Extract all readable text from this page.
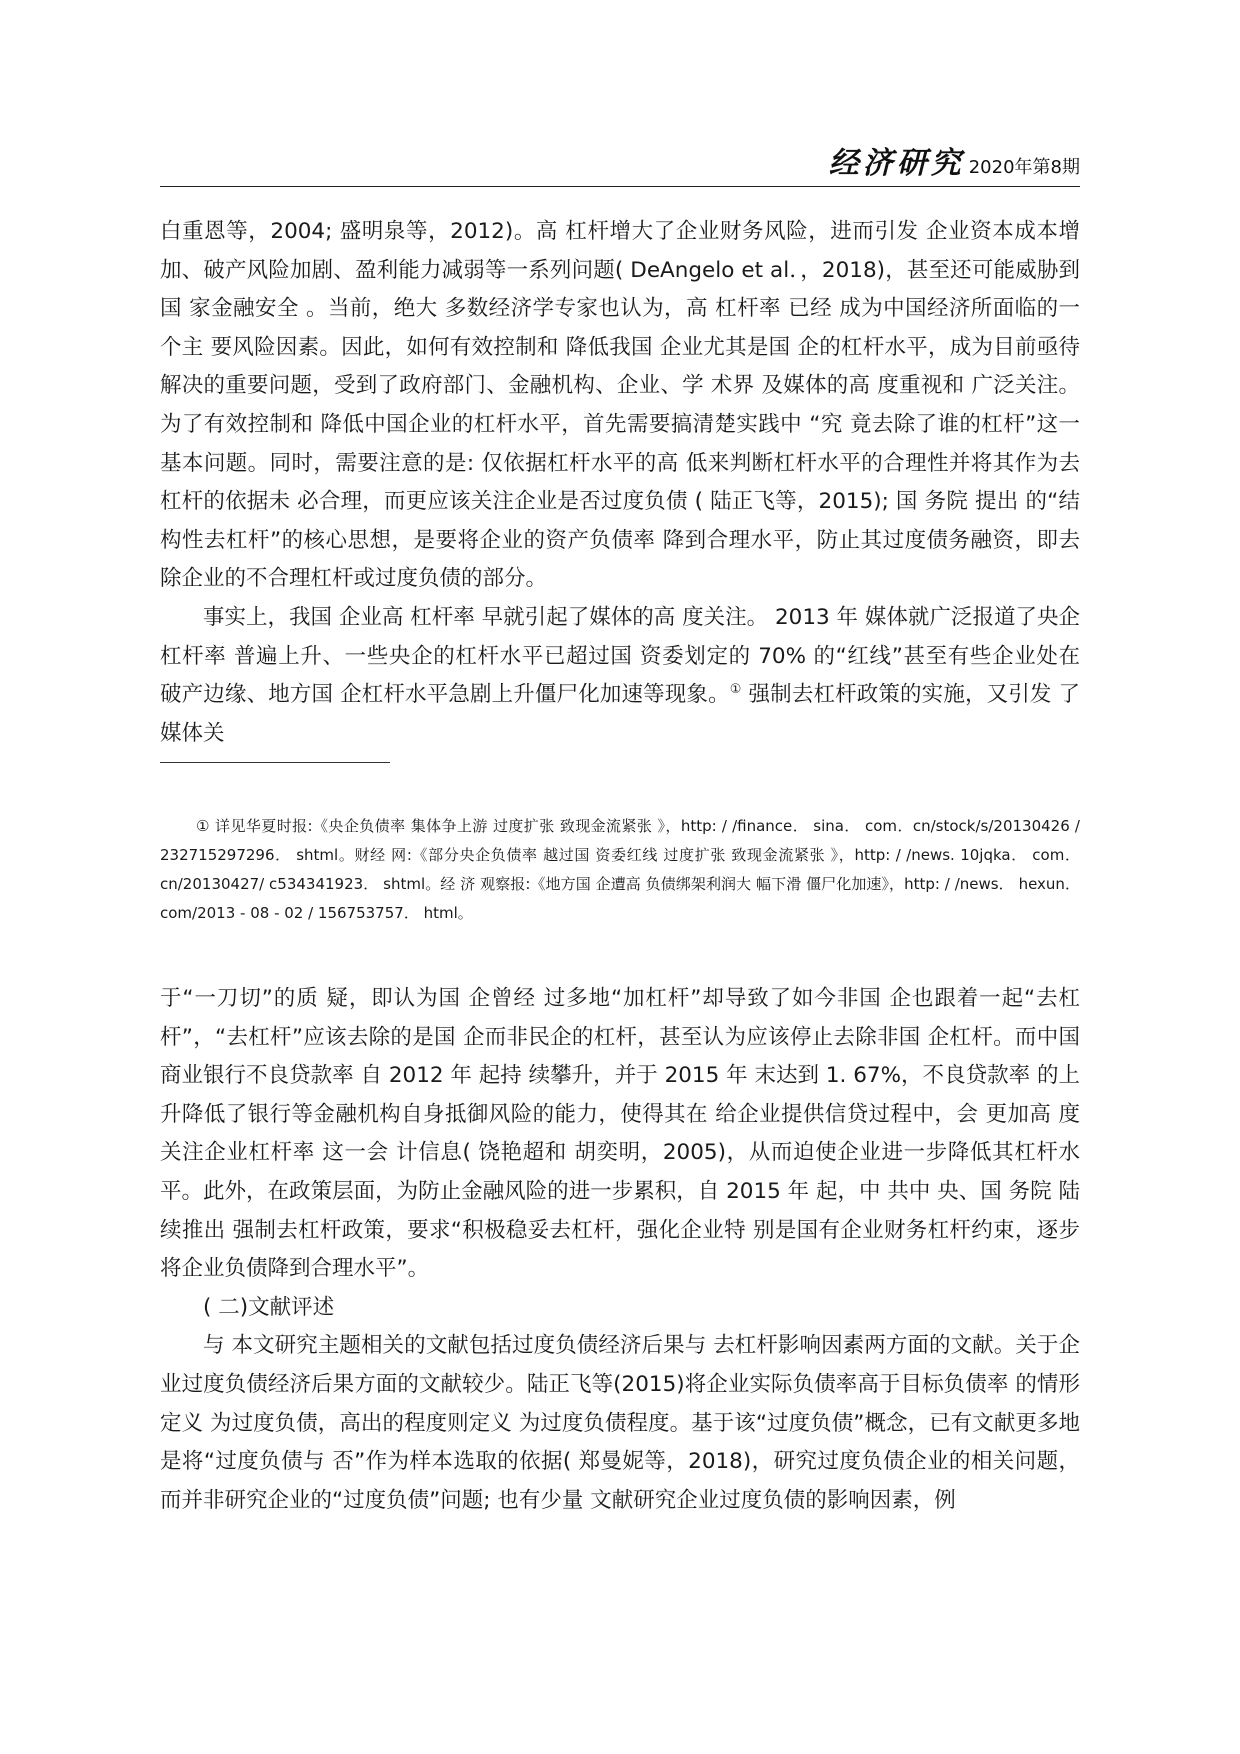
经济研究 2020年第8期

白重恩等，2004; 盛明泉等，2012)。高 杠杆增大了企业财务风险，进而引发 企业资本成本增加、破产风险加剧、盈利能力减弱等一系列问题( DeAngelo et al．，2018)，甚至还可能威胁到国 家金融安全 。当前，绝大 多数经济学专家也认为，高 杠杆率 已经 成为中国经济所面临的一个主 要风险因素。因此，如何有效控制和 降低我国 企业尤其是国 企的杠杆水平，成为目前亟待解决的重要问题，受到了政府部门、金融机构、企业、学 术界 及媒体的高 度重视和 广泛关注。为了有效控制和 降低中国企业的杠杆水平，首先需要搞清楚实践中 “究 竟去除了谁的杠杆”这一基本问题。同时，需要注意的是: 仅依据杠杆水平的高 低来判断杠杆水平的合理性并将其作为去杠杆的依据未 必合理，而更应该关注企业是否过度负债 ( 陆正飞等，2015); 国 务院 提出 的“结构性去杠杆”的核心思想，是要将企业的资产负债率 降到合理水平，防止其过度债务融资，即去除企业的不合理杠杆或过度负债的部分。

事实上，我国 企业高 杠杆率 早就引起了媒体的高 度关注。 2013 年 媒体就广泛报道了央企杠杆率 普遍上升、一些央企的杠杆水平已超过国 资委划定的 70% 的“红线”甚至有些企业处在 破产边缘、地方国 企杠杆水平急剧上升僵尸化加速等现象。① 强制去杠杆政策的实施，又引发 了媒体关

① 详见华夏时报:《央企负债率 集体争上游 过度扩张 致现金流紧张 》，http: / /finance． sina． com．cn/stock/s/20130426 / 232715297296． shtml。财经 网:《部分央企负债率 越过国 资委红线 过度扩张 致现金流紧张 》，http: / /news. 10jqka． com． cn/20130427/ c534341923． shtml。经 济 观察报:《地方国 企遭高 负债绑架利润大 幅下滑 僵尸化加速》，http: / /news． hexun． com/2013 - 08 - 02 / 156753757． html。

于“一刀切”的质 疑，即认为国 企曾经 过多地“加杠杆”却导致了如今非国 企也跟着一起“去杠杆”，“去杠杆”应该去除的是国 企而非民企的杠杆，甚至认为应该停止去除非国 企杠杆。而中国商业银行不良贷款率 自 2012 年 起持 续攀升，并于 2015 年 末达到 1. 67%，不良贷款率 的上升降低了银行等金融机构自身抵御风险的能力，使得其在 给企业提供信贷过程中，会 更加高 度关注企业杠杆率 这一会 计信息( 饶艳超和 胡奕明，2005)，从而迫使企业进一步降低其杠杆水平。此外，在政策层面，为防止金融风险的进一步累积，自 2015 年 起，中 共中 央、国 务院 陆续推出 强制去杠杆政策，要求“积极稳妥去杠杆，强化企业特 别是国有企业财务杠杆约束，逐步将企业负债降到合理水平”。

( 二)文献评述

与 本文研究主题相关的文献包括过度负债经济后果与 去杠杆影响因素两方面的文献。关于企业过度负债经济后果方面的文献较少。陆正飞等(2015)将企业实际负债率高于目标负债率 的情形定义 为过度负债，高出的程度则定义 为过度负债程度。基于该“过度负债”概念，已有文献更多地是将“过度负债与 否”作为样本选取的依据( 郑曼妮等，2018)，研究过度负债企业的相关问题，而并非研究企业的“过度负债”问题; 也有少量 文献研究企业过度负债的影响因素，例
